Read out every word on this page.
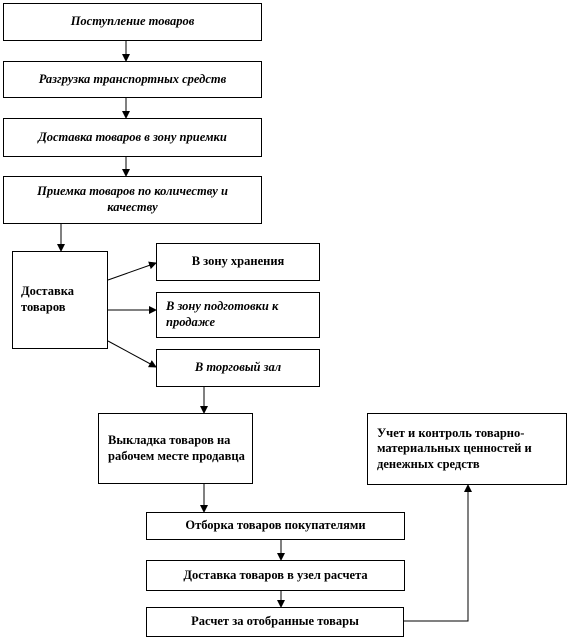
Поступление товаров
Разгрузка транспортных средств
Доставка товаров в зону приемки
Приемка товаров по количеству и качеству
Доставка товаров
В зону хранения
В зону подготовки к продаже
В торговый зал
Выкладка товаров на рабочем месте продавца
Учет и контроль товарно-материальных ценностей и денежных средств
Отборка товаров покупателями
Доставка товаров в узел расчета
Расчет за отобранные товары
